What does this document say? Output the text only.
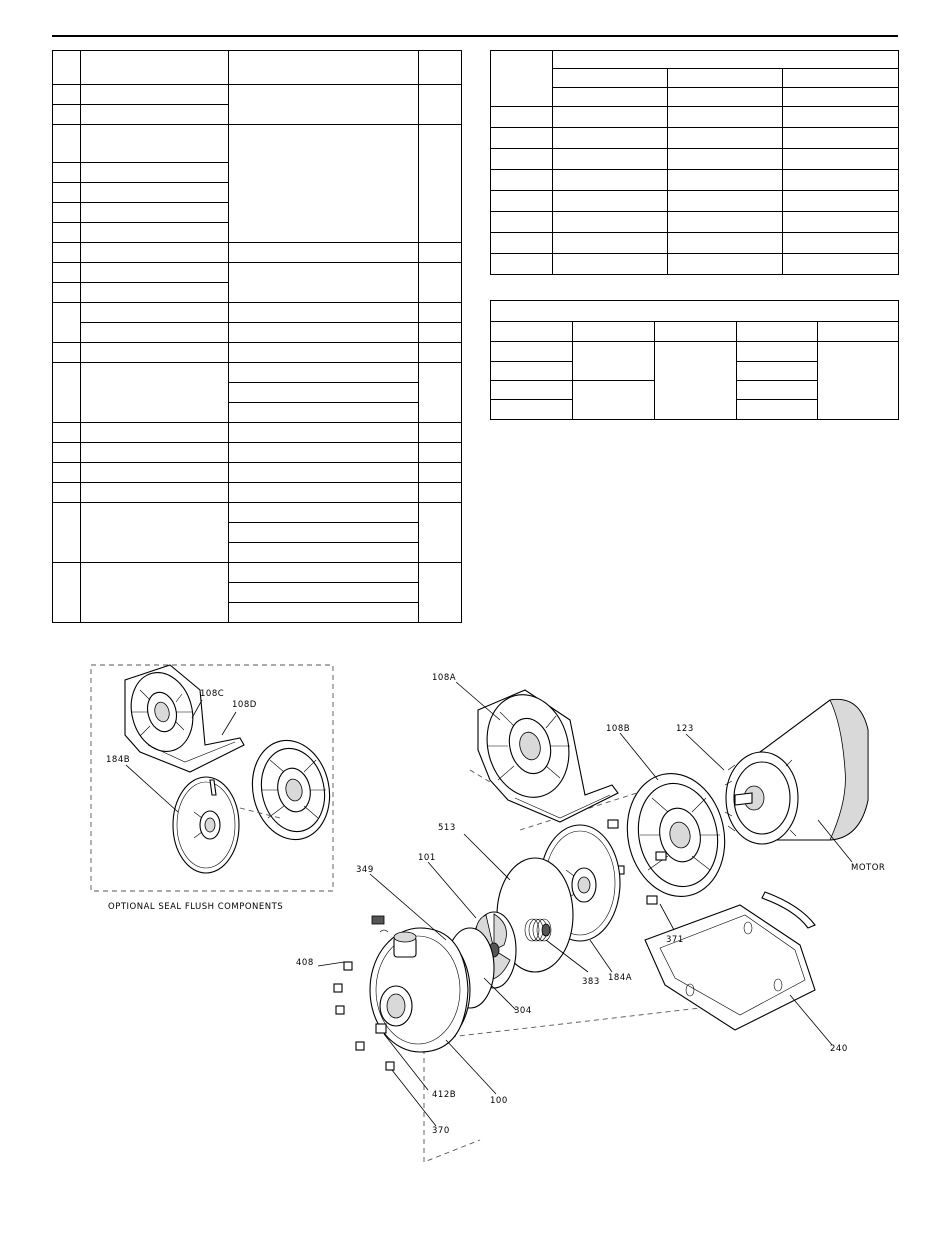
108C
108D
184B
OPTIONAL SEAL FLUSH COMPONENTS
108A
108B	123
513
101
349
408
MOTOR
371
383 184A
304
240
100
412B
370
